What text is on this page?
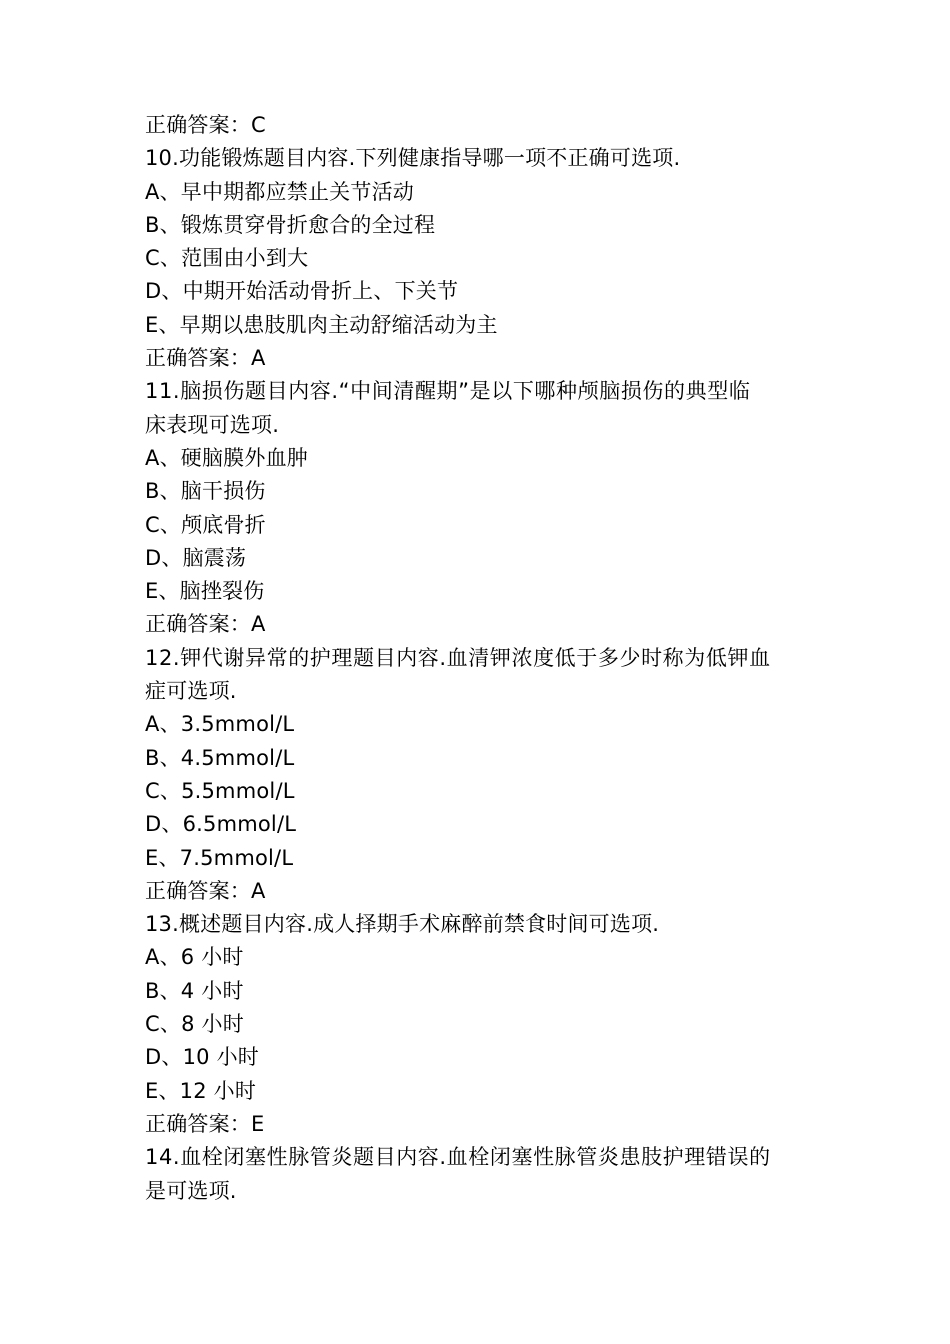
正确答案：C
10.功能锻炼题目内容.下列健康指导哪一项不正确可选项.
A、早中期都应禁止关节活动
B、锻炼贯穿骨折愈合的全过程
C、范围由小到大
D、中期开始活动骨折上、下关节
E、早期以患肢肌肉主动舒缩活动为主
正确答案：A
11.脑损伤题目内容.“中间清醒期”是以下哪种颅脑损伤的典型临
床表现可选项.
A、硬脑膜外血肿
B、脑干损伤
C、颅底骨折
D、脑震荡
E、脑挫裂伤
正确答案：A
12.钾代谢异常的护理题目内容.血清钾浓度低于多少时称为低钾血
症可选项.
A、3.5mmol/L
B、4.5mmol/L
C、5.5mmol/L
D、6.5mmol/L
E、7.5mmol/L
正确答案：A
13.概述题目内容.成人择期手术麻醉前禁食时间可选项.
A、6 小时
B、4 小时
C、8 小时
D、10 小时
E、12 小时
正确答案：E
14.血栓闭塞性脉管炎题目内容.血栓闭塞性脉管炎患肢护理错误的
是可选项.
